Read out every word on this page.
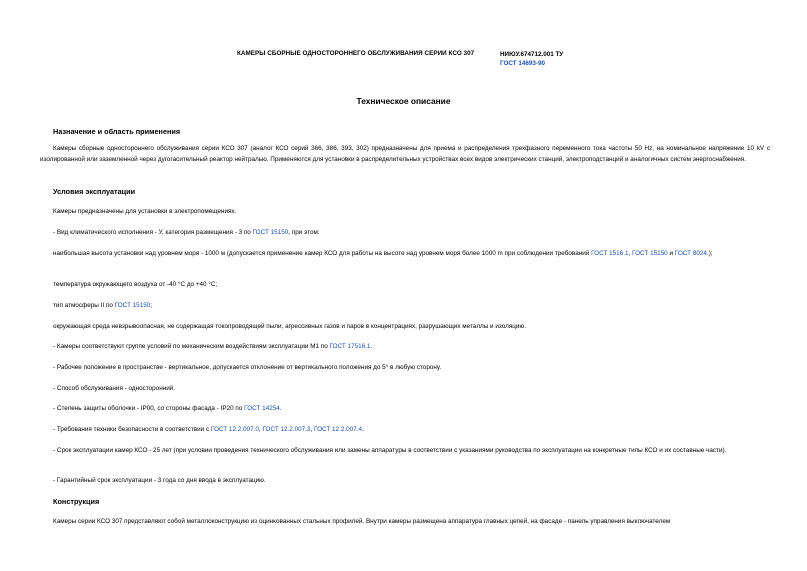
КАМЕРЫ СБОРНЫЕ ОДНОСТОРОННЕГО ОБСЛУЖИВАНИЯ СЕРИИ КСО 307	НИЮУ.674712.001 ТУ
ГОСТ 14693-90
Техническое описание
Назначение и область применения
Камеры сборные одностороннего обслуживания серии КСО 307 (аналог КСО серий 366, 386, 393, 302) предназначены для приема и распределения трехфазного переменного тока частоты 50 Hz, на номинальное напряжение 10 kV с изолированной или заземленной через дугогасительный реактор нейтралью. Применяются для установки в распределительных устройствах всех видов электрических станций, электроподстанций и аналогичных систем энергоснабжения.
Условия эксплуатации
Камеры предназначены для установки в электропомещениях.
- Вид климатического исполнения - У, категория размещения - 3 по ГОСТ 15150, при этом:
наибольшая высота установки над уровнем моря - 1000 м (допускается применение камер КСО для работы на высоте над уровнем моря более 1000 m при соблюдении требований ГОСТ 1516.1, ГОСТ 15150 и ГОСТ 8024.);
температура окружающего воздуха от -40 °С до +40 °С;
тип атмосферы II по ГОСТ 15150;
окружающая среда невзрывоопасная, не содержащая токопроводящей пыли, агрессивных газов и паров в концентрациях, разрушающих металлы и изоляцию.
- Камеры соответствуют группе условий по механическим воздействиям эксплуатации М1 по ГОСТ 17516.1.
- Рабочее положение в пространстве - вертикальное, допускается отклонение от вертикального положения до 5° в любую сторону.
- Способ обслуживания - односторонний.
- Степень защиты оболочки - IP00, со стороны фасада - IP20 по ГОСТ 14254.
- Требования техники безопасности в соответствии с ГОСТ 12.2.007.0, ГОСТ 12.2.007.3, ГОСТ 12.2.007.4.
- Срок эксплуатации камер КСО - 25 лет (при условии проведения технического обслуживания или замены аппаратуры в соответствии с указаниями руководства по эксплуатации на конкретные типы КСО и их составные части).
- Гарантийный срок эксплуатации - 3 года со дня ввода в эксплуатацию.
Конструкция
Камеры серии КСО 307 представляют собой металлоконструкцию из оцинкованных стальных профилей. Внутри камеры размещена аппаратура главных цепей, на фасаде - панель управления выключателем
